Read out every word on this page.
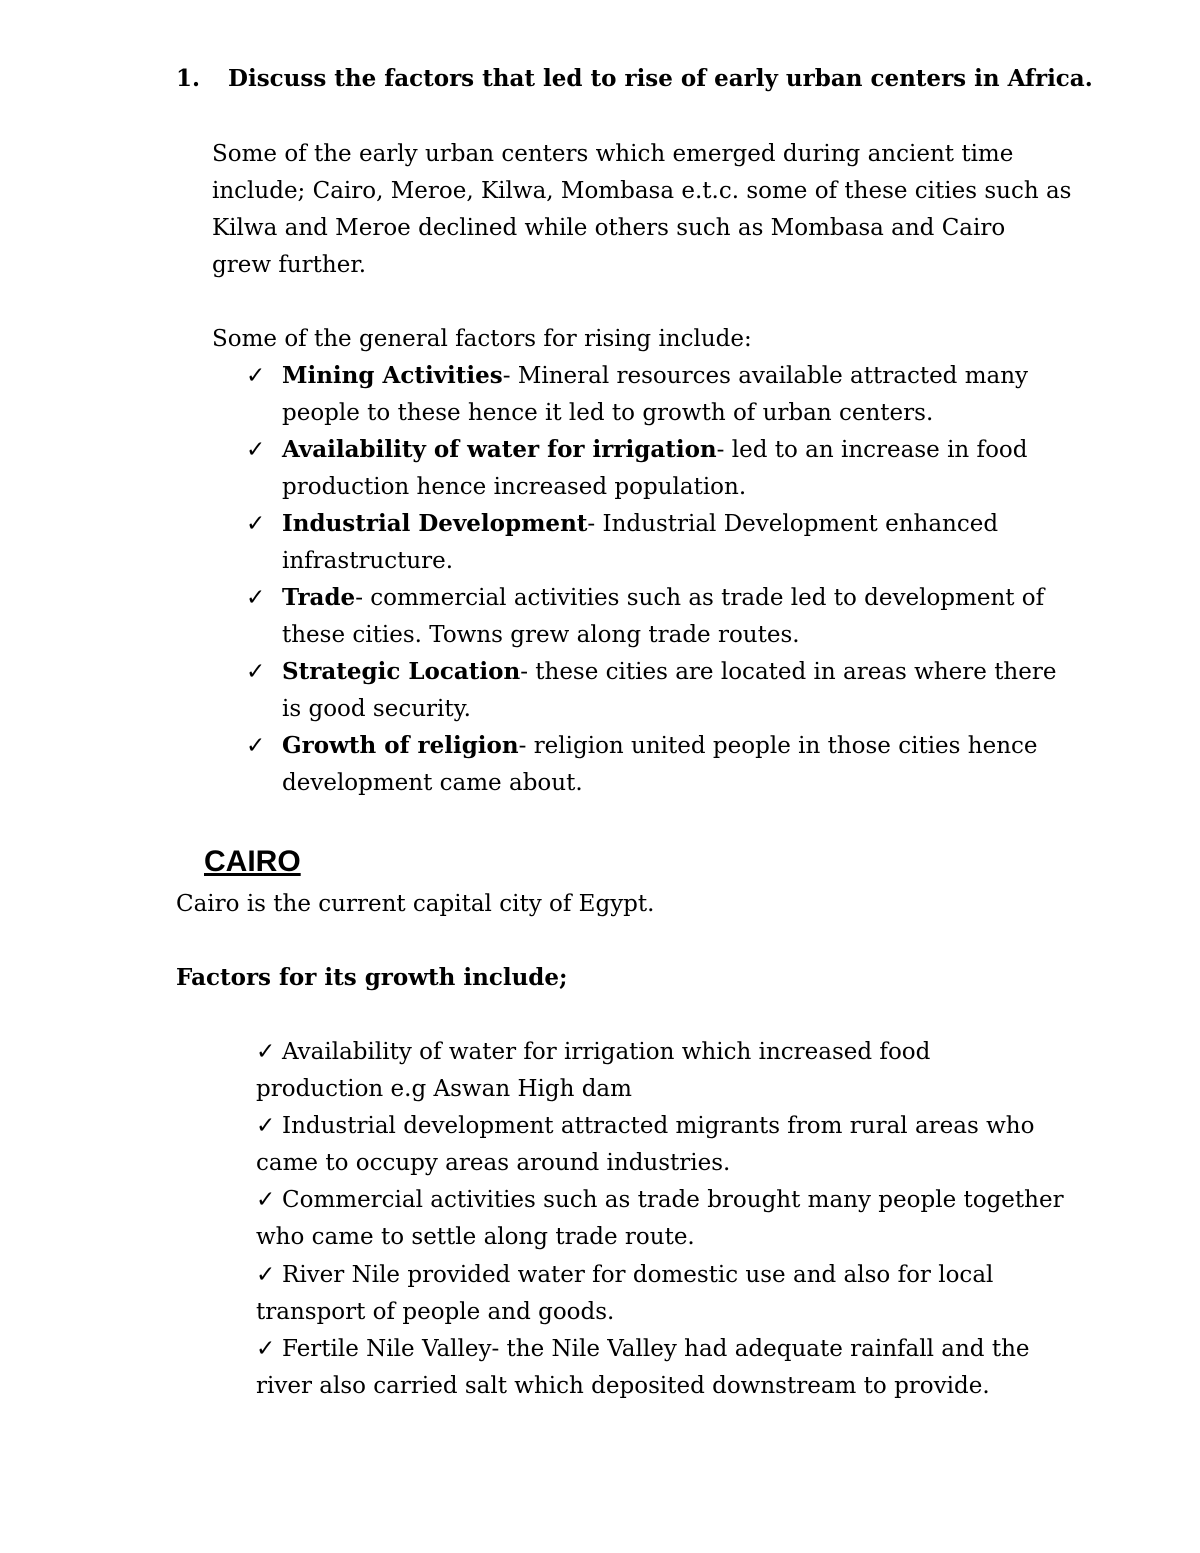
1. Discuss the factors that led to rise of early urban centers in Africa.
Some of the early urban centers which emerged during ancient time
include; Cairo, Meroe, Kilwa, Mombasa e.t.c. some of these cities such as
Kilwa and Meroe declined while others such as Mombasa and Cairo
grew further.
Some of the general factors for rising include:
✓ Mining Activities- Mineral resources available attracted many
people to these hence it led to growth of urban centers.
✓ Availability of water for irrigation- led to an increase in food
production hence increased population.
✓ Industrial Development- Industrial Development enhanced
infrastructure.
✓ Trade- commercial activities such as trade led to development of
these cities. Towns grew along trade routes.
✓ Strategic Location- these cities are located in areas where there
is good security.
✓ Growth of religion- religion united people in those cities hence
development came about.
CAIRO
Cairo is the current capital city of Egypt.
Factors for its growth include;
✓ Availability of water for irrigation which increased food
production e.g Aswan High dam
✓ Industrial development attracted migrants from rural areas who
came to occupy areas around industries.
✓ Commercial activities such as trade brought many people together
who came to settle along trade route.
✓ River Nile provided water for domestic use and also for local
transport of people and goods.
✓ Fertile Nile Valley- the Nile Valley had adequate rainfall and the
river also carried salt which deposited downstream to provide.
